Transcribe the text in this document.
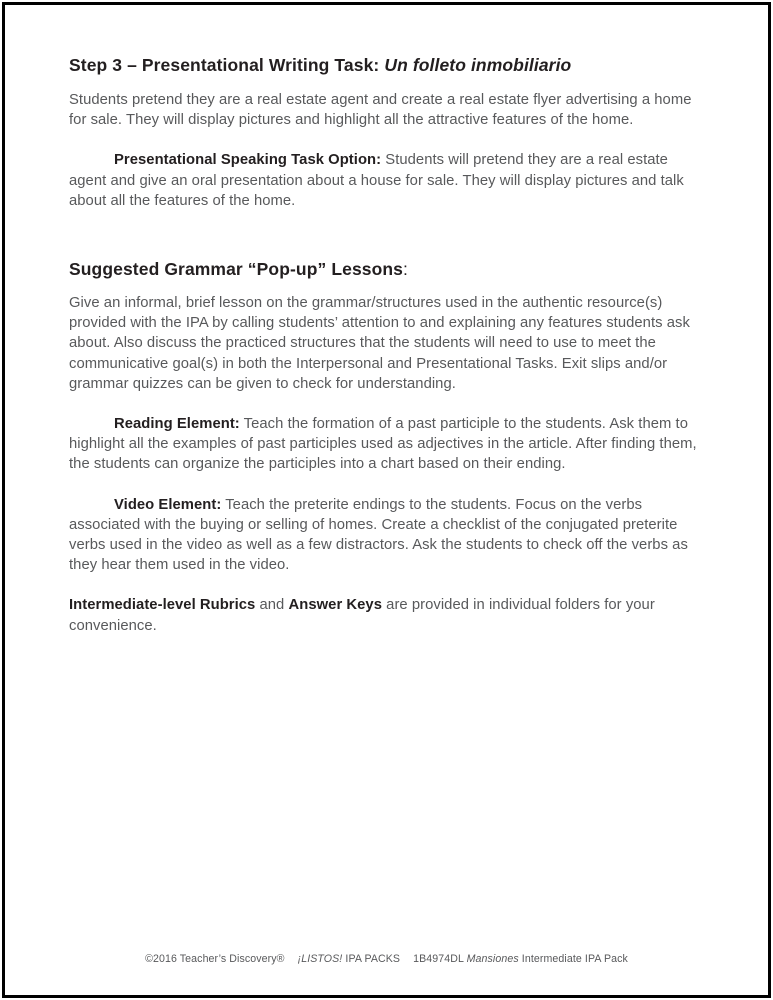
Step 3 – Presentational Writing Task: Un folleto inmobiliario

Students pretend they are a real estate agent and create a real estate flyer advertising a home for sale. They will display pictures and highlight all the attractive features of the home.

Presentational Speaking Task Option: Students will pretend they are a real estate agent and give an oral presentation about a house for sale. They will display pictures and talk about all the features of the home.

Suggested Grammar “Pop-up” Lessons:

Give an informal, brief lesson on the grammar/structures used in the authentic resource(s) provided with the IPA by calling students’ attention to and explaining any features students ask about. Also discuss the practiced structures that the students will need to use to meet the communicative goal(s) in both the Interpersonal and Presentational Tasks. Exit slips and/or grammar quizzes can be given to check for understanding.

Reading Element: Teach the formation of a past participle to the students. Ask them to highlight all the examples of past participles used as adjectives in the article. After finding them, the students can organize the participles into a chart based on their ending.

Video Element: Teach the preterite endings to the students. Focus on the verbs associated with the buying or selling of homes. Create a checklist of the conjugated preterite verbs used in the video as well as a few distractors. Ask the students to check off the verbs as they hear them used in the video.

Intermediate-level Rubrics and Answer Keys are provided in individual folders for your convenience.

©2016 Teacher’s Discovery® ¡LISTOS! IPA PACKS 1B4974DL Mansiones Intermediate IPA Pack
